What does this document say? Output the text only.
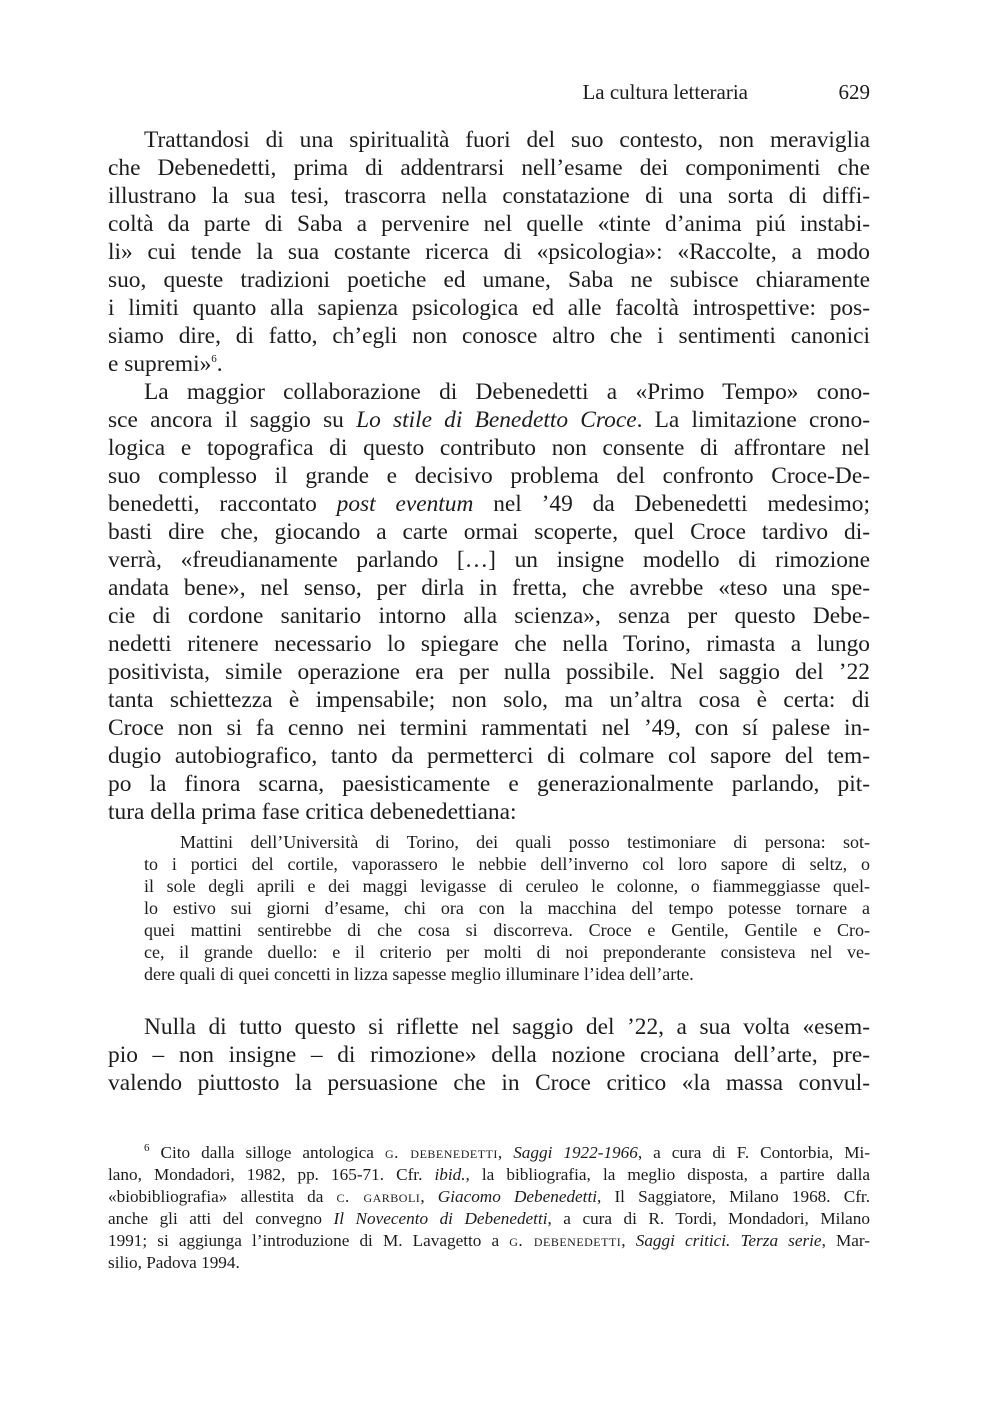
La cultura letteraria	629
Trattandosi di una spiritualità fuori del suo contesto, non meraviglia
che Debenedetti, prima di addentrarsi nell’esame dei componimenti che
illustrano la sua tesi, trascorra nella constatazione di una sorta di diffi-
coltà da parte di Saba a pervenire nel quelle «tinte d’anima piú instabi-
li» cui tende la sua costante ricerca di «psicologia»: «Raccolte, a modo
suo, queste tradizioni poetiche ed umane, Saba ne subisce chiaramente
i limiti quanto alla sapienza psicologica ed alle facoltà introspettive: pos-
siamo dire, di fatto, ch’egli non conosce altro che i sentimenti canonici
e supremi»$^6$.
La maggior collaborazione di Debenedetti a «Primo Tempo» cono-
sce ancora il saggio su Lo stile di Benedetto Croce. La limitazione crono-
logica e topografica di questo contributo non consente di affrontare nel
suo complesso il grande e decisivo problema del confronto Croce-De-
benedetti, raccontato post eventum nel ’49 da Debenedetti medesimo;
basti dire che, giocando a carte ormai scoperte, quel Croce tardivo di-
verrà, «freudianamente parlando […] un insigne modello di rimozione
andata bene», nel senso, per dirla in fretta, che avrebbe «teso una spe-
cie di cordone sanitario intorno alla scienza», senza per questo Debe-
nedetti ritenere necessario lo spiegare che nella Torino, rimasta a lungo
positivista, simile operazione era per nulla possibile. Nel saggio del ’22
tanta schiettezza è impensabile; non solo, ma un’altra cosa è certa: di
Croce non si fa cenno nei termini rammentati nel ’49, con sí palese in-
dugio autobiografico, tanto da permetterci di colmare col sapore del tem-
po la finora scarna, paesisticamente e generazionalmente parlando, pit-
tura della prima fase critica debenedettiana:
Mattini dell’Università di Torino, dei quali posso testimoniare di persona: sot-
to i portici del cortile, vaporassero le nebbie dell’inverno col loro sapore di seltz, o
il sole degli aprili e dei maggi levigasse di ceruleo le colonne, o fiammeggiasse quel-
lo estivo sui giorni d’esame, chi ora con la macchina del tempo potesse tornare a
quei mattini sentirebbe di che cosa si discorreva. Croce e Gentile, Gentile e Cro-
ce, il grande duello: e il criterio per molti di noi preponderante consisteva nel ve-
dere quali di quei concetti in lizza sapesse meglio illuminare l’idea dell’arte.
Nulla di tutto questo si riflette nel saggio del ’22, a sua volta «esem-
pio – non insigne – di rimozione» della nozione crociana dell’arte, pre-
valendo piuttosto la persuasione che in Croce critico «la massa convul-
$^6$ Cito dalla silloge antologica g. debenedetti, Saggi 1922-1966, a cura di F. Contorbia, Mi-
lano, Mondadori, 1982, pp. 165-71. Cfr. ibid., la bibliografia, la meglio disposta, a partire dalla
«biobibliografia» allestita da c. garboli, Giacomo Debenedetti, Il Saggiatore, Milano 1968. Cfr.
anche gli atti del convegno Il Novecento di Debenedetti, a cura di R. Tordi, Mondadori, Milano
1991; si aggiunga l’introduzione di M. Lavagetto a g. debenedetti, Saggi critici. Terza serie, Mar-
silio, Padova 1994.
